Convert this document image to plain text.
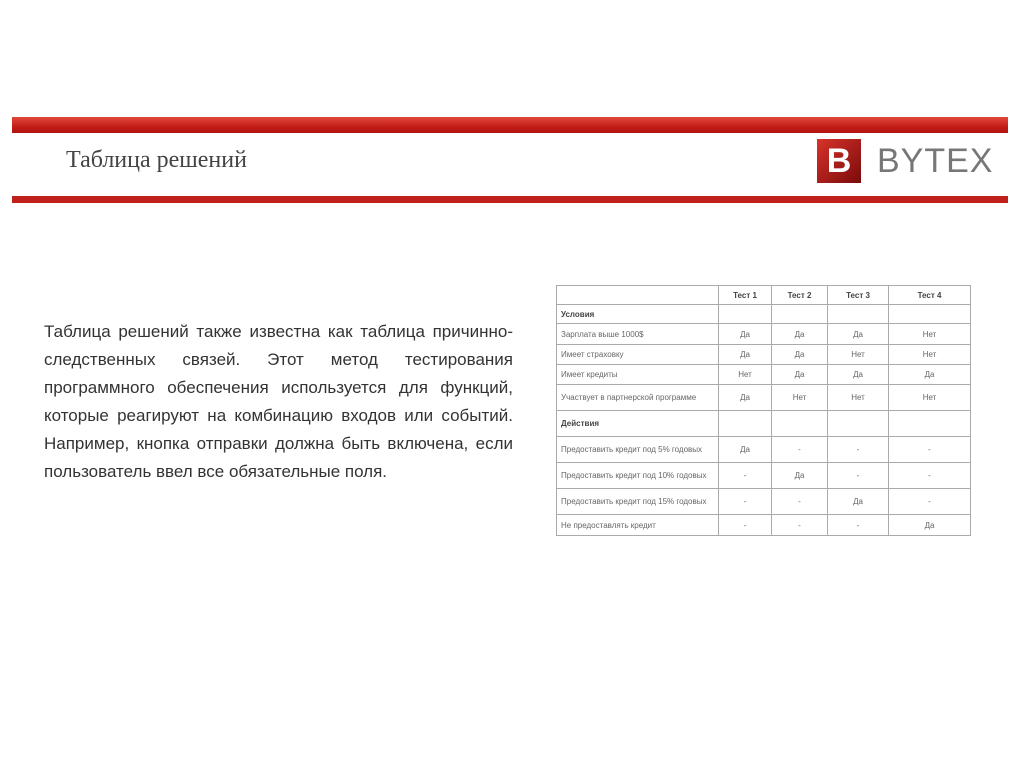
Таблица решений	B BYTEX
Таблица решений также известна как таблица причинно-следственных связей. Этот метод тестирования программного обеспечения используется для функций, которые реагируют на комбинацию входов или событий. Например, кнопка отправки должна быть включена, если пользователь ввел все обязательные поля.
	Тест 1	Тест 2	Тест 3	Тест 4
Условия				
Зарплата выше 1000$	Да	Да	Да	Нет
Имеет страховку	Да	Да	Нет	Нет
Имеет кредиты	Нет	Да	Да	Да
Участвует в партнерской программе	Да	Нет	Нет	Нет
Действия				
Предоставить кредит под 5% годовых	Да	-	-	-
Предоставить кредит под 10% годовых	-	Да	-	-
Предоставить кредит под 15% годовых	-	-	Да	-
Не предоставлять кредит	-	-	-	Да
